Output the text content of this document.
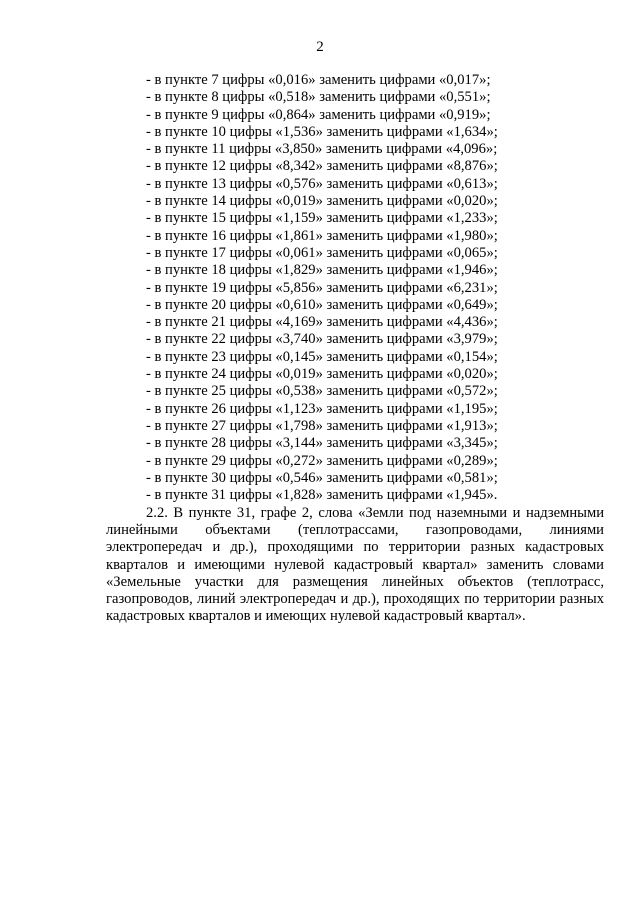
2
- в пункте 7 цифры «0,016» заменить цифрами «0,017»;
- в пункте 8 цифры «0,518» заменить цифрами «0,551»;
- в пункте 9 цифры «0,864» заменить цифрами «0,919»;
- в пункте 10 цифры «1,536» заменить цифрами «1,634»;
- в пункте 11 цифры «3,850» заменить цифрами «4,096»;
- в пункте 12 цифры «8,342» заменить цифрами «8,876»;
- в пункте 13 цифры «0,576» заменить цифрами «0,613»;
- в пункте 14 цифры «0,019» заменить цифрами «0,020»;
- в пункте 15 цифры «1,159» заменить цифрами «1,233»;
- в пункте 16 цифры «1,861» заменить цифрами «1,980»;
- в пункте 17 цифры «0,061» заменить цифрами «0,065»;
- в пункте 18 цифры «1,829» заменить цифрами «1,946»;
- в пункте 19 цифры «5,856» заменить цифрами «6,231»;
- в пункте 20 цифры «0,610» заменить цифрами «0,649»;
- в пункте 21 цифры «4,169» заменить цифрами «4,436»;
- в пункте 22 цифры «3,740» заменить цифрами «3,979»;
- в пункте 23 цифры «0,145» заменить цифрами «0,154»;
- в пункте 24 цифры «0,019» заменить цифрами «0,020»;
- в пункте 25 цифры «0,538» заменить цифрами «0,572»;
- в пункте 26 цифры «1,123» заменить цифрами «1,195»;
- в пункте 27 цифры «1,798» заменить цифрами «1,913»;
- в пункте 28 цифры «3,144» заменить цифрами «3,345»;
- в пункте 29 цифры «0,272» заменить цифрами «0,289»;
- в пункте 30 цифры «0,546» заменить цифрами «0,581»;
- в пункте 31 цифры «1,828» заменить цифрами «1,945».

2.2. В пункте 31, графе 2, слова «Земли под наземными и надземными линейными объектами (теплотрассами, газопроводами, линиями электропередач и др.), проходящими по территории разных кадастровых кварталов и имеющими нулевой кадастровый квартал» заменить словами «Земельные участки для размещения линейных объектов (теплотрасс, газопроводов, линий электропередач и др.), проходящих по территории разных кадастровых кварталов и имеющих нулевой кадастровый квартал».
